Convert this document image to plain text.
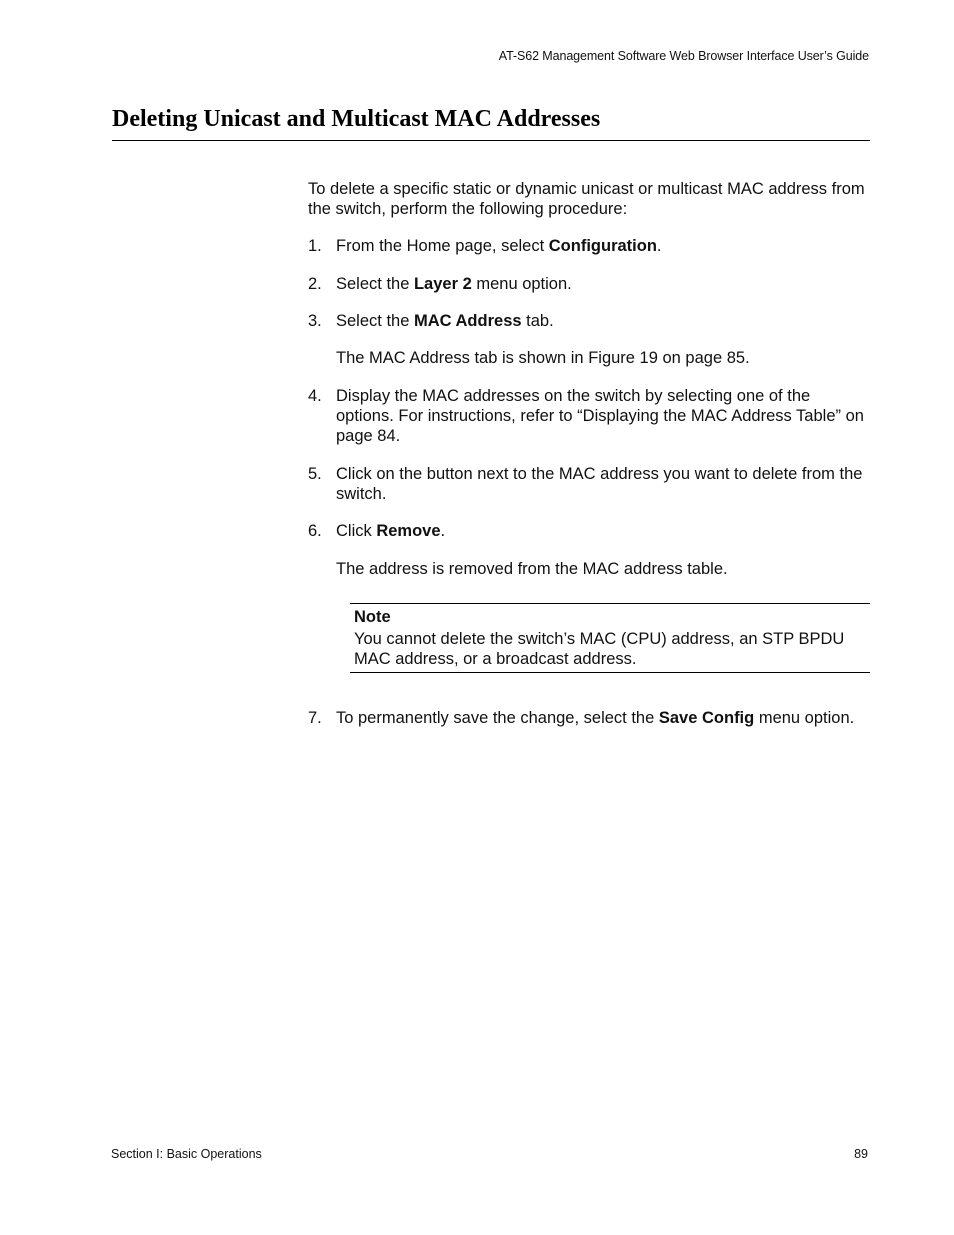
AT-S62 Management Software Web Browser Interface User’s Guide
Deleting Unicast and Multicast MAC Addresses
To delete a specific static or dynamic unicast or multicast MAC address from the switch, perform the following procedure:
1. From the Home page, select Configuration.
2. Select the Layer 2 menu option.
3. Select the MAC Address tab.
The MAC Address tab is shown in Figure 19 on page 85.
4. Display the MAC addresses on the switch by selecting one of the options. For instructions, refer to “Displaying the MAC Address Table” on page 84.
5. Click on the button next to the MAC address you want to delete from the switch.
6. Click Remove.
The address is removed from the MAC address table.
Note
You cannot delete the switch’s MAC (CPU) address, an STP BPDU MAC address, or a broadcast address.
7. To permanently save the change, select the Save Config menu option.
Section I: Basic Operations	89
